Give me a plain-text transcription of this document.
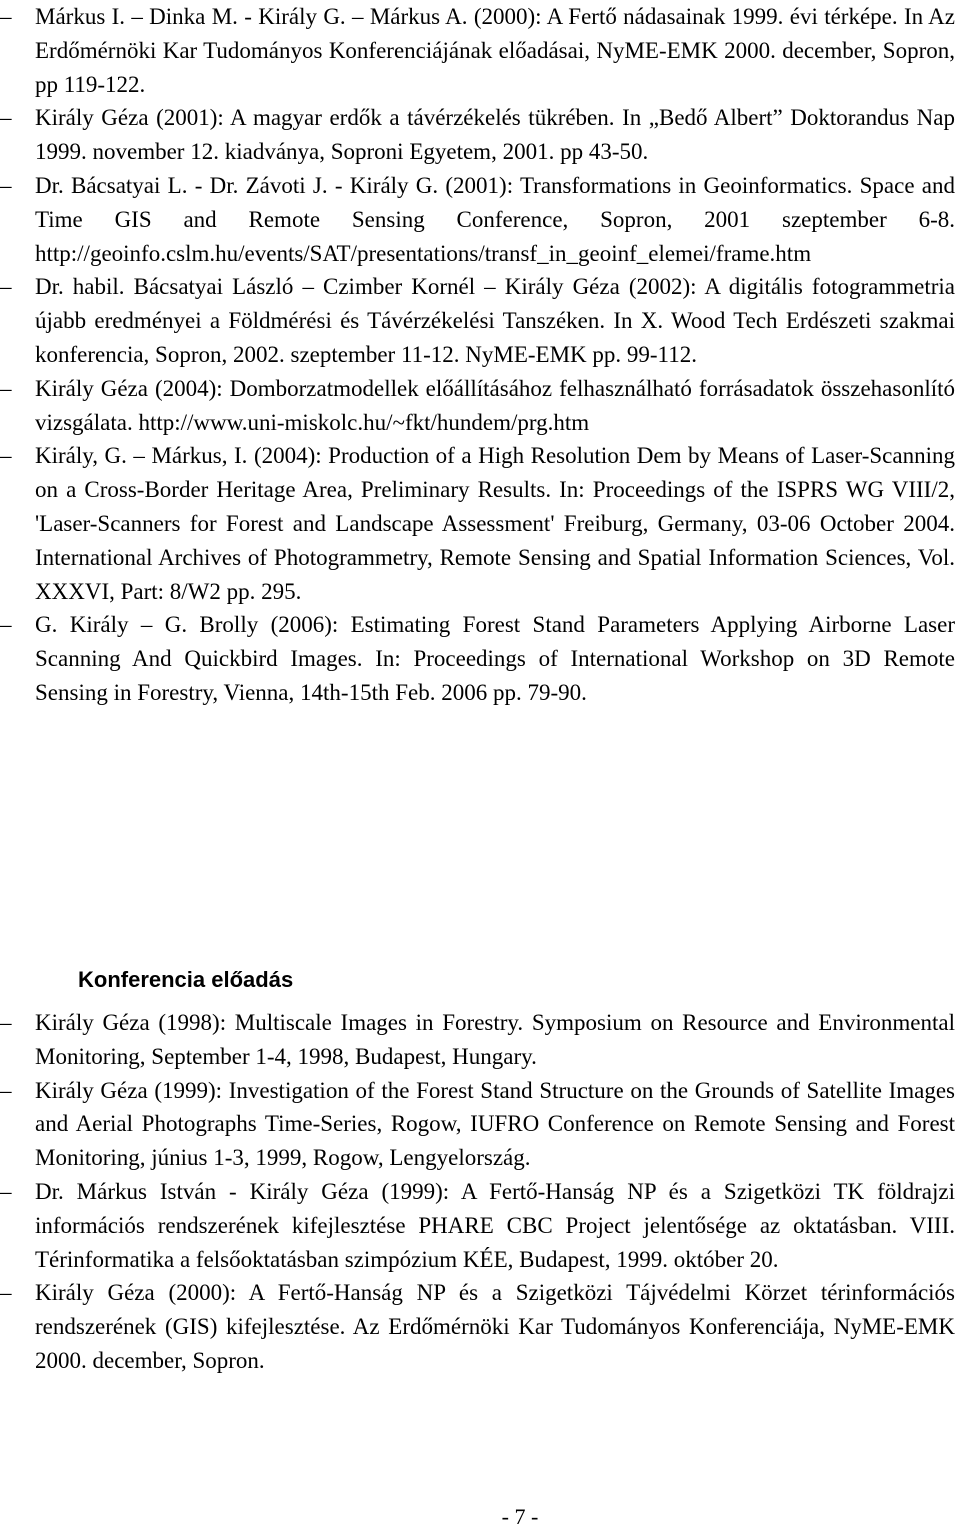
–	Márkus I. – Dinka M. - Király G. – Márkus A. (2000): A Fertő nádasainak 1999. évi térképe. In Az Erdőmérnöki Kar Tudományos Konferenciájának előadásai, NyME-EMK 2000. december, Sopron, pp 119-122.
–	Király Géza (2001): A magyar erdők a távérzékelés tükrében. In „Bedő Albert” Doktorandus Nap 1999. november 12. kiadványa, Soproni Egyetem, 2001. pp 43-50.
–	Dr. Bácsatyai L. - Dr. Závoti J. - Király G. (2001): Transformations in Geoinformatics. Space and Time GIS and Remote Sensing Conference, Sopron, 2001 szeptember 6-8. http://geoinfo.cslm.hu/events/SAT/presentations/transf_in_geoinf_elemei/frame.htm
–	Dr. habil. Bácsatyai László – Czimber Kornél – Király Géza (2002): A digitális fotogrammetria újabb eredményei a Földmérési és Távérzékelési Tanszéken. In X. Wood Tech Erdészeti szakmai konferencia, Sopron, 2002. szeptember 11-12. NyME-EMK pp. 99-112.
–	Király Géza (2004): Domborzatmodellek előállításához felhasználható forrásadatok összehasonlító vizsgálata. http://www.uni-miskolc.hu/~fkt/hundem/prg.htm
–	Király, G. – Márkus, I. (2004): Production of a High Resolution Dem by Means of Laser-Scanning on a Cross-Border Heritage Area, Preliminary Results. In: Proceedings of the ISPRS WG VIII/2, 'Laser-Scanners for Forest and Landscape Assessment' Freiburg, Germany, 03-06 October 2004. International Archives of Photogrammetry, Remote Sensing and Spatial Information Sciences, Vol. XXXVI, Part: 8/W2 pp. 295.
–	G. Király – G. Brolly (2006): Estimating Forest Stand Parameters Applying Airborne Laser Scanning And Quickbird Images. In: Proceedings of International Workshop on 3D Remote Sensing in Forestry, Vienna, 14th-15th Feb. 2006 pp. 79-90.
Konferencia előadás
–	Király Géza (1998): Multiscale Images in Forestry. Symposium on Resource and Environmental Monitoring, September 1-4, 1998, Budapest, Hungary.
–	Király Géza (1999): Investigation of the Forest Stand Structure on the Grounds of Satellite Images and Aerial Photographs Time-Series, Rogow, IUFRO Conference on Remote Sensing and Forest Monitoring, június 1-3, 1999, Rogow, Lengyelország.
–	Dr. Márkus István - Király Géza (1999): A Fertő-Hanság NP és a Szigetközi TK földrajzi információs rendszerének kifejlesztése PHARE CBC Project jelentősége az oktatásban. VIII. Térinformatika a felsőoktatásban szimpózium KÉE, Budapest, 1999. október 20.
–	Király Géza (2000): A Fertő-Hanság NP és a Szigetközi Tájvédelmi Körzet térinformációs rendszerének (GIS) kifejlesztése. Az Erdőmérnöki Kar Tudományos Konferenciája, NyME-EMK 2000. december, Sopron.
- 7 -
